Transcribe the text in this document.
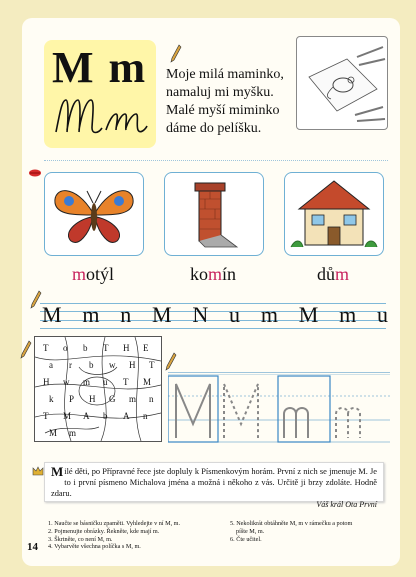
M m Moje milá maminko,
namaluj mi myšku.
Malé myší miminko
dáme do pelíšku.
motýl	komín	dům
M m n M N u m M m u
T o b T H E
a r b w H T
H w m u T M
k P H G m n
T M A b A n
M m
Milé děti, po Přípravné řece jste dopluly k Písmenkovým horám. První z nich se jmenuje M. Je to i první písmeno Michalova jména a možná i někoho z vás. Určitě ji brzy zdoláte. Hodně zdaru.
Váš král Ota První
14
1. Naučte se básničku zpaměti. Vyhledejte v ní M, m.
2. Pojmenujte obrázky. Řekněte, kde mají m.
3. Škrtněte, co není M, m.
4. Vybarvěte všechna políčka s M, m.
5. Nekolikrát obtáhněte M, m v rámečku a potom
píšte M, m.
6. Čte učitel.
